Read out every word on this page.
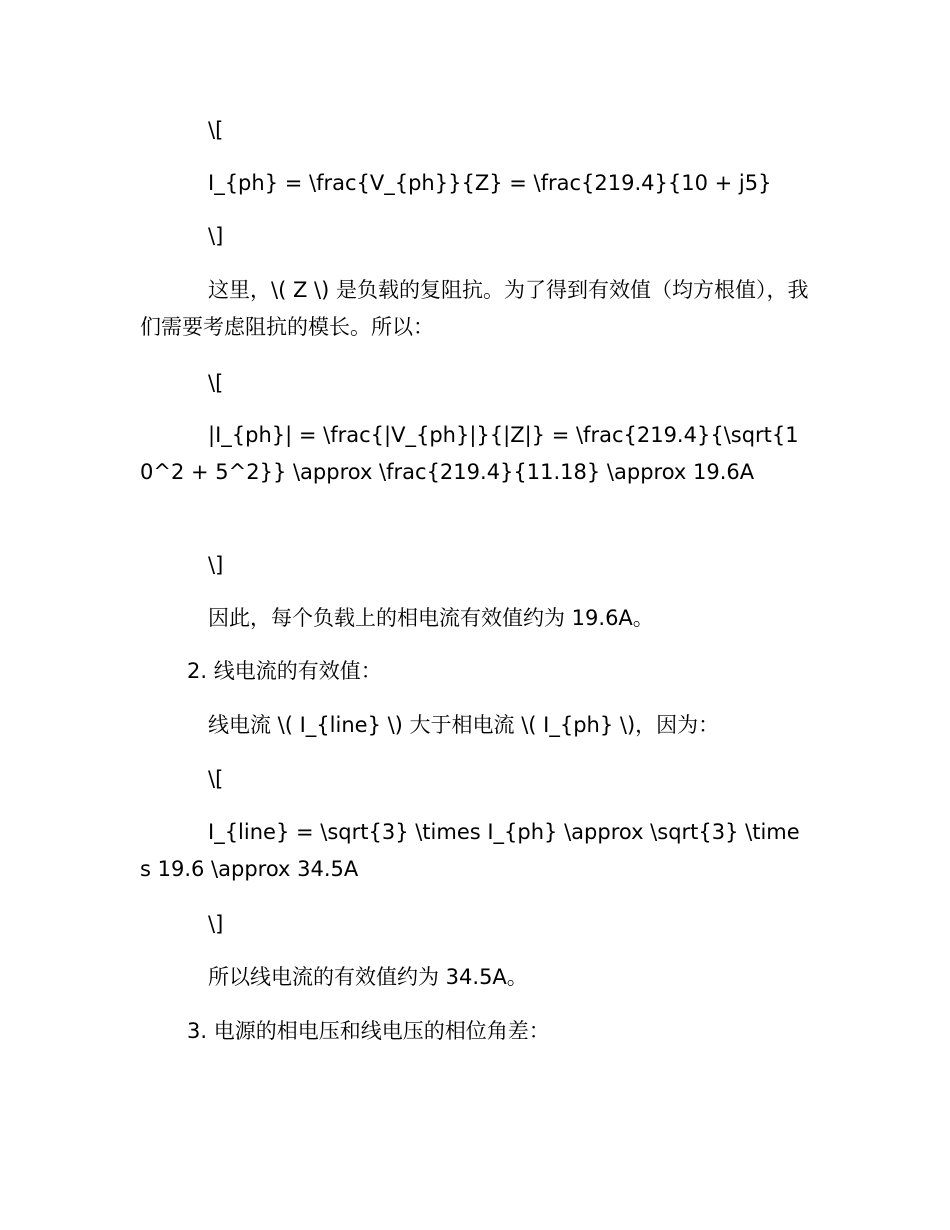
\[

I_{ph} = \frac{V_{ph}}{Z} = \frac{219.4}{10 + j5}

\]

这里，\( Z \) 是负载的复阻抗。为了得到有效值（均方根值），我们需要考虑阻抗的模长。所以：

\[

|I_{ph}| = \frac{|V_{ph}|}{|Z|} = \frac{219.4}{\sqrt{10^2 + 5^2}} \approx \frac{219.4}{11.18} \approx 19.6A

\]

因此，每个负载上的相电流有效值约为 19.6A。

2. 线电流的有效值：

线电流 \( I_{line} \) 大于相电流 \( I_{ph} \)，因为：

\[

I_{line} = \sqrt{3} \times I_{ph} \approx \sqrt{3} \times 19.6 \approx 34.5A

\]

所以线电流的有效值约为 34.5A。

3. 电源的相电压和线电压的相位角差：
